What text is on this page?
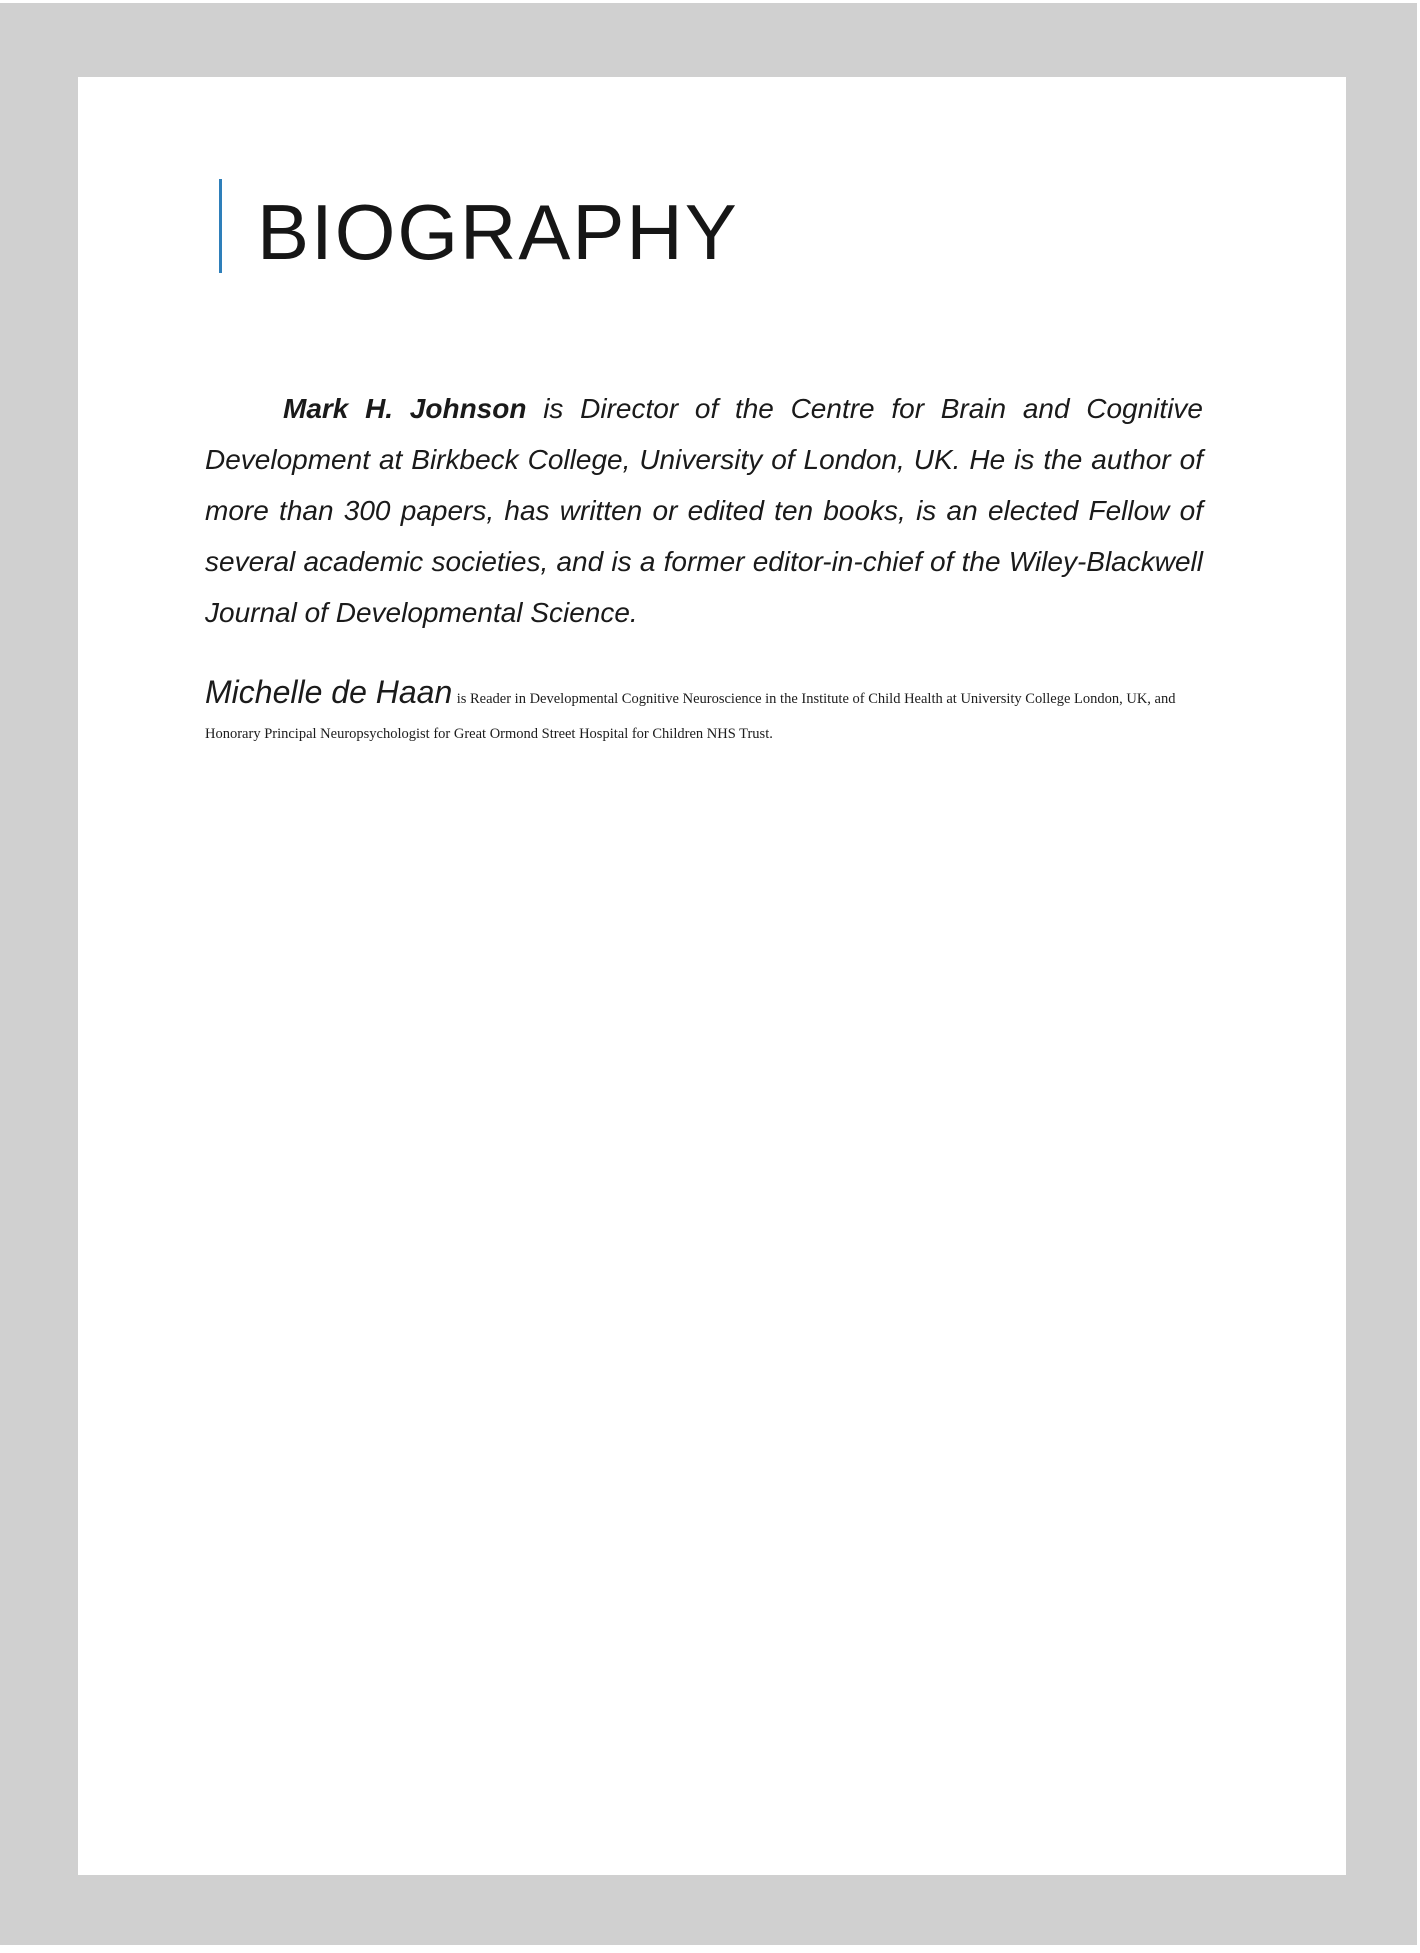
BIOGRAPHY
Mark H. Johnson is Director of the Centre for Brain and Cognitive
Development at Birkbeck College, University of London, UK. He is the author of
more than 300 papers, has written or edited ten books, is an elected Fellow of
several academic societies, and is a former editor-in-chief of the Wiley-Blackwell
Journal of Developmental Science.
Michelle de Haan is Reader in Developmental Cognitive Neuroscience in the Institute of Child Health at University College London, UK, and
Honorary Principal Neuropsychologist for Great Ormond Street Hospital for Children NHS Trust.
